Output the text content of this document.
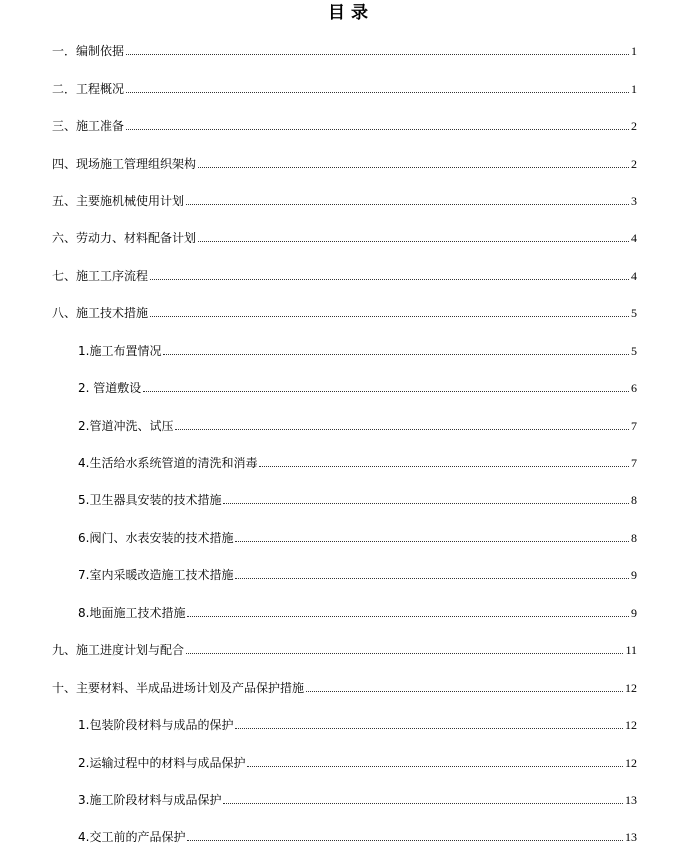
目 录
一．编制依据	1
二．工程概况	1
三、施工准备	2
四、现场施工管理组织架构	2
五、主要施机械使用计划	3
六、劳动力、材料配备计划	4
七、施工工序流程	4
八、施工技术措施	5
1.施工布置情况	5
2. 管道敷设	6
2.管道冲洗、试压	7
4.生活给水系统管道的清洗和消毒	7
5.卫生器具安装的技术措施	8
6.阀门、水表安装的技术措施	8
7.室内采暖改造施工技术措施	9
8.地面施工技术措施	9
九、施工进度计划与配合	11
十、主要材料、半成品进场计划及产品保护措施	12
1.包装阶段材料与成品的保护	12
2.运输过程中的材料与成品保护	12
3.施工阶段材料与成品保护	13
4.交工前的产品保护	13
